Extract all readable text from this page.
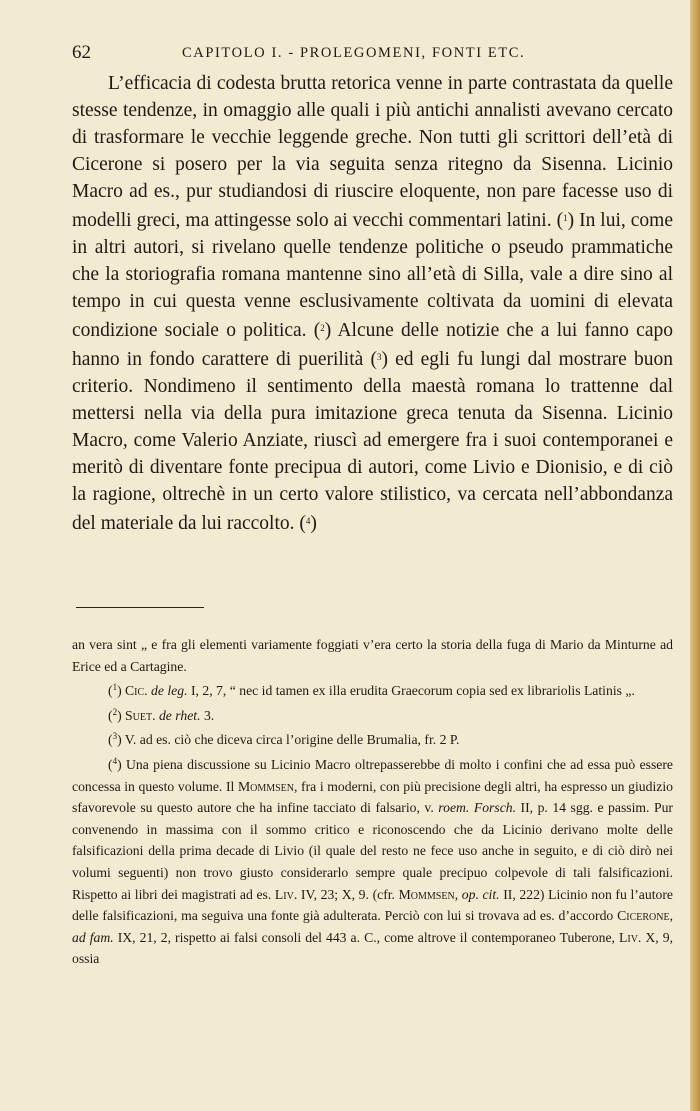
62	CAPITOLO I. - PROLEGOMENI, FONTI ETC.

L’efficacia di codesta brutta retorica venne in parte contrastata da quelle stesse tendenze, in omaggio alle quali i più antichi annalisti avevano cercato di trasformare le vecchie leggende greche. Non tutti gli scrittori dell’età di Cicerone si posero per la via seguita senza ritegno da Sisenna. Licinio Macro ad es., pur studiandosi di riuscire eloquente, non pare facesse uso di modelli greci, ma attingesse solo ai vecchi commentari latini. ($^1$) In lui, come in altri autori, si rivelano quelle tendenze politiche o pseudo prammatiche che la storiografia romana mantenne sino all’età di Silla, vale a dire sino al tempo in cui questa venne esclusivamente coltivata da uomini di elevata condizione sociale o politica. ($^2$) Alcune delle notizie che a lui fanno capo hanno in fondo carattere di puerilità ($^3$) ed egli fu lungi dal mostrare buon criterio. Nondimeno il sentimento della maestà romana lo trattenne dal mettersi nella via della pura imitazione greca tenuta da Sisenna. Licinio Macro, come Valerio Anziate, riuscì ad emergere fra i suoi contemporanei e meritò di diventare fonte precipua di autori, come Livio e Dionisio, e di ciò la ragione, oltrechè in un certo valore stilistico, va cercata nell’abbondanza del materiale da lui raccolto. ($^4$)

an vera sint „ e fra gli elementi variamente foggiati v’era certo la storia della fuga di Mario da Minturne ad Erice ed a Cartagine.

($^1$) Cic. de leg. I, 2, 7, “ nec id tamen ex illa erudita Graecorum copia sed ex librariolis Latinis „.

($^2$) Suet. de rhet. 3.

($^3$) V. ad es. ciò che diceva circa l’origine delle Brumalia, fr. 2 P.

($^4$) Una piena discussione su Licinio Macro oltrepasserebbe di molto i confini che ad essa può essere concessa in questo volume. Il Mommsen, fra i moderni, con più precisione degli altri, ha espresso un giudizio sfavorevole su questo autore che ha infine tacciato di falsario, v. roem. Forsch. II, p. 14 sgg. e passim. Pur convenendo in massima con il sommo critico e riconoscendo che da Licinio derivano molte delle falsificazioni della prima decade di Livio (il quale del resto ne fece uso anche in seguito, e di ciò dirò nei volumi seguenti) non trovo giusto considerarlo sempre quale precipuo colpevole di tali falsificazioni. Rispetto ai libri dei magistrati ad es. Liv. IV, 23; X, 9. (cfr. Mommsen, op. cit. II, 222) Licinio non fu l’autore delle falsificazioni, ma seguiva una fonte già adulterata. Perciò con lui si trovava ad es. d’accordo Cicerone, ad fam. IX, 21, 2, rispetto ai falsi consoli del 443 a. C., come altrove il contemporaneo Tuberone, Liv. X, 9, ossia
